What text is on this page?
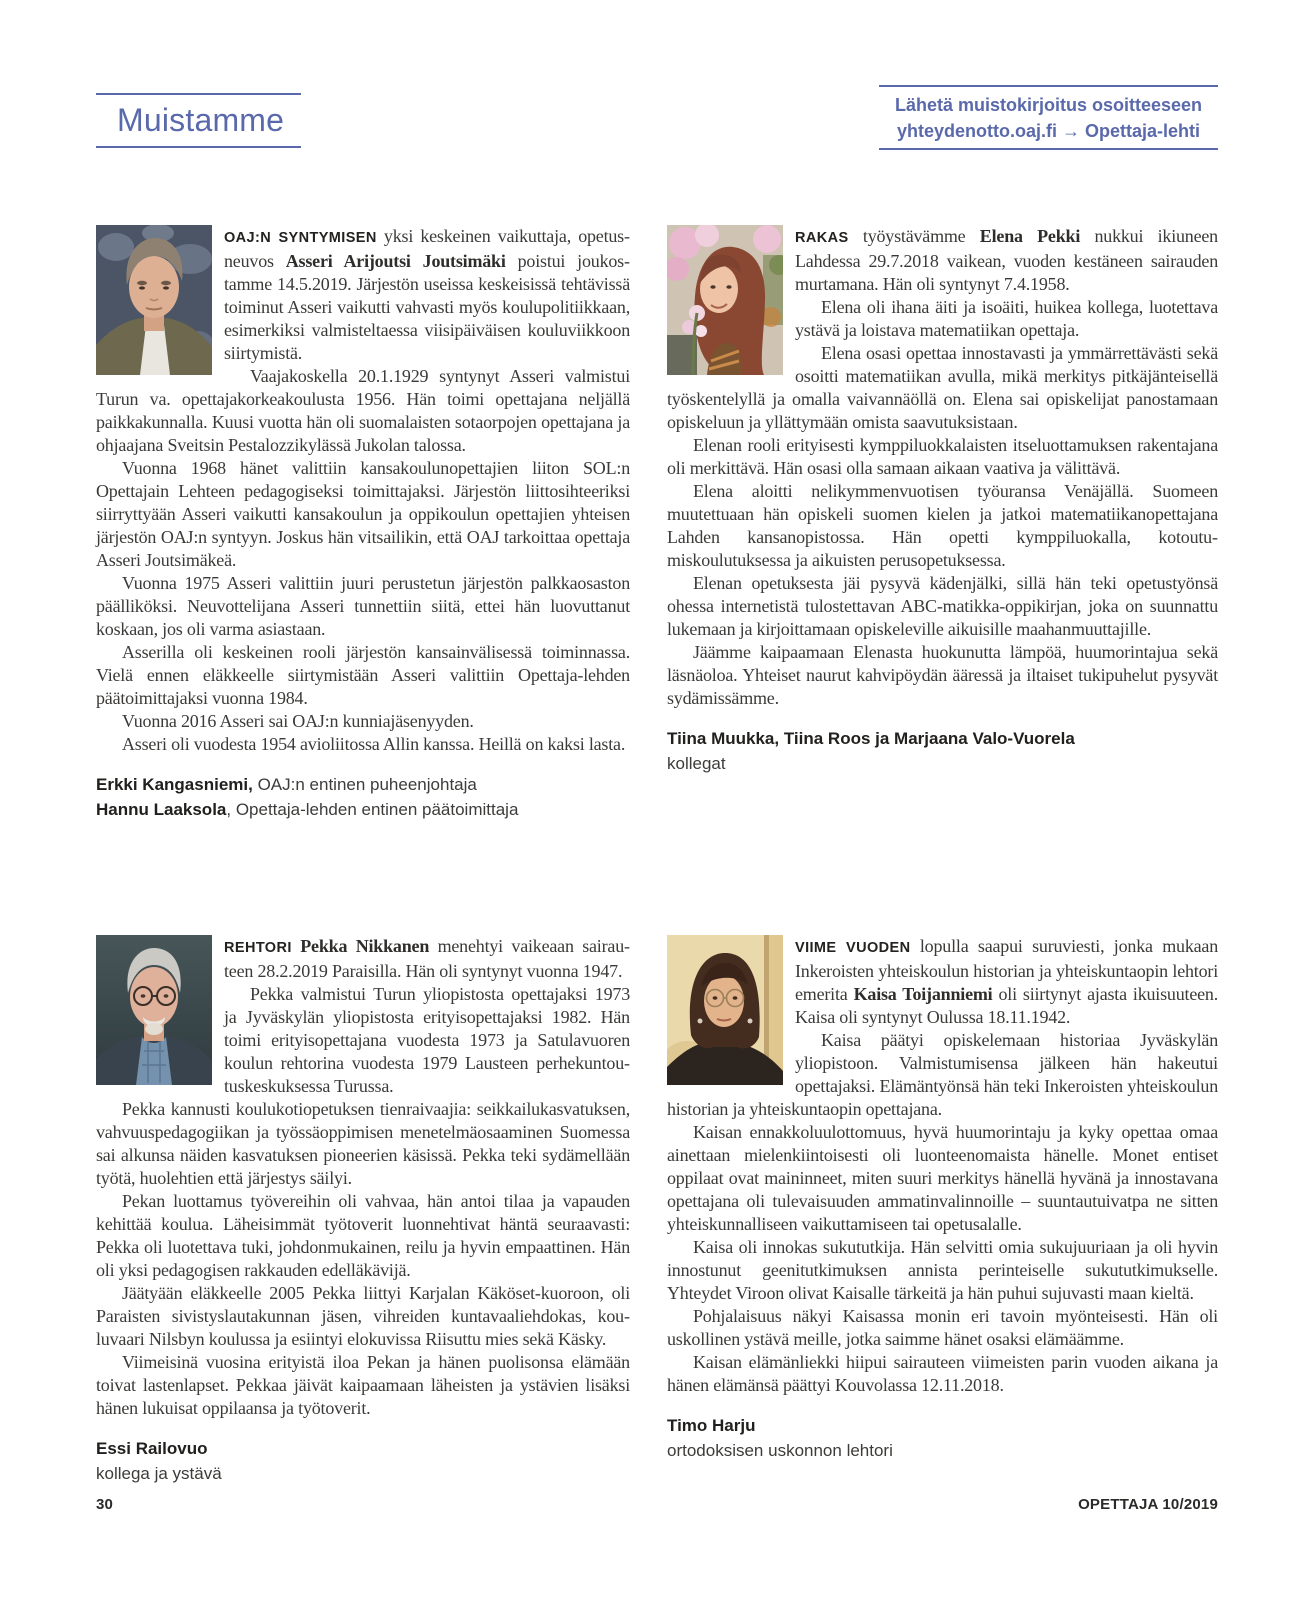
Muistamme	Lähetä muistokirjoitus osoitteeseen
yhteydenotto.oaj.fi → Opettaja-lehti

OAJ:N SYNTYMISEN yksi keskeinen vaikuttaja, opetusneuvos Asseri Arijoutsi Joutsimäki poistui joukostamme 14.5.2019. Järjestön useissa keskeisissä tehtävissä toiminut Asseri vaikutti vahvasti myös koulupolitiikkaan, esimerkiksi valmisteltaessa viisipäiväisen kouluviikkoon siirtymistä.

Vaajakoskella 20.1.1929 syntynyt Asseri valmistui Turun va. opettajakorkeakoulusta 1956. Hän toimi opettajana neljällä paikkakunnalla. Kuusi vuotta hän oli suomalaisten sotaorpojen opettajana ja ohjaajana Sveitsin Pestalozzikylässä Jukolan talossa.

Vuonna 1968 hänet valittiin kansakoulunopettajien liiton SOL:n Opettajain Lehteen pedagogiseksi toimittajaksi. Järjestön liittosihteeriksi siirryttyään Asseri vaikutti kansakoulun ja oppikoulun opettajien yhteisen järjestön OAJ:n syntyyn. Joskus hän vitsailikin, että OAJ tarkoittaa opettaja Asseri Joutsimäkeä.

Vuonna 1975 Asseri valittiin juuri perustetun järjestön palkkaosaston päälliköksi. Neuvottelijana Asseri tunnettiin siitä, ettei hän luovuttanut koskaan, jos oli varma asiastaan.

Asserilla oli keskeinen rooli järjestön kansainvälisessä toiminnassa. Vielä ennen eläkkeelle siirtymistään Asseri valittiin Opettaja-lehden päätoimittajaksi vuonna 1984.

Vuonna 2016 Asseri sai OAJ:n kunniajäsenyyden.

Asseri oli vuodesta 1954 avioliitossa Allin kanssa. Heillä on kaksi lasta.

Erkki Kangasniemi, OAJ:n entinen puheenjohtaja
Hannu Laaksola, Opettaja-lehden entinen päätoimittaja

RAKAS työystävämme Elena Pekki nukkui ikiuneen Lahdessa 29.7.2018 vaikean, vuoden kestäneen sairauden murtamana. Hän oli syntynyt 7.4.1958.

Elena oli ihana äiti ja isoäiti, huikea kollega, luotettava ystävä ja loistava matematiikan opettaja.

Elena osasi opettaa innostavasti ja ymmärrettävästi sekä osoitti matematiikan avulla, mikä merkitys pitkäjänteisellä työskentelyllä ja omalla vaivannäöllä on. Elena sai opiskelijat panostamaan opiskeluun ja yllättymään omista saavutuksistaan.

Elenan rooli erityisesti kymppiluokkalaisten itseluottamuksen rakentajana oli merkittävä. Hän osasi olla samaan aikaan vaativa ja välittävä.

Elena aloitti nelikymmenvuotisen työuransa Venäjällä. Suomeen muutettuaan hän opiskeli suomen kielen ja jatkoi matematiikanopettajana Lahden kansanopistossa. Hän opetti kymppiluokalla, kotoutumiskoulutuksessa ja aikuisten perusopetuksessa.

Elenan opetuksesta jäi pysyvä kädenjälki, sillä hän teki opetustyönsä ohessa internetistä tulostettavan ABC-matikka-oppikirjan, joka on suunnattu lukemaan ja kirjoittamaan opiskeleville aikuisille maahanmuuttajille.

Jäämme kaipaamaan Elenasta huokunutta lämpöä, huumorintajua sekä läsnäoloa. Yhteiset naurut kahvipöydän ääressä ja iltaiset tukipuhelut pysyvät sydämissämme.

Tiina Muukka, Tiina Roos ja Marjaana Valo-Vuorela
kollegat

REHTORI Pekka Nikkanen menehtyi vaikeaan sairauteen 28.2.2019 Paraisilla. Hän oli syntynyt vuonna 1947.

Pekka valmistui Turun yliopistosta opettajaksi 1973 ja Jyväskylän yliopistosta erityisopettajaksi 1982. Hän toimi erityisopettajana vuodesta 1973 ja Satulavuoren koulun rehtorina vuodesta 1979 Lausteen perhekuntoutuskeskuksessa Turussa.

Pekka kannusti koulukotiopetuksen tienraivaajia: seikkailukasvatuksen, vahvuuspedagogiikan ja työssäoppimisen menetelmäosaaminen Suomessa sai alkunsa näiden kasvatuksen pioneerien käsissä. Pekka teki sydämellään työtä, huolehtien että järjestys säilyi.

Pekan luottamus työvereihin oli vahvaa, hän antoi tilaa ja vapauden kehittää koulua. Läheisimmät työtoverit luonnehtivat häntä seuraavasti: Pekka oli luotettava tuki, johdonmukainen, reilu ja hyvin empaattinen. Hän oli yksi pedagogisen rakkauden edelläkävijä.

Jäätyään eläkkeelle 2005 Pekka liittyi Karjalan Käköset-kuoroon, oli Paraisten sivistyslautakunnan jäsen, vihreiden kuntavaaliehdokas, kouluvaari Nilsbyn koulussa ja esiintyi elokuvissa Riisuttu mies sekä Käsky.

Viimeisinä vuosina erityistä iloa Pekan ja hänen puolisonsa elämään toivat lastenlapset. Pekkaa jäivät kaipaamaan läheisten ja ystävien lisäksi hänen lukuisat oppilaansa ja työtoverit.

Essi Railovuo
kollega ja ystävä

VIIME VUODEN lopulla saapui suruviesti, jonka mukaan Inkeroisten yhteiskoulun historian ja yhteiskuntaopin lehtori emerita Kaisa Toijanniemi oli siirtynyt ajasta ikuisuuteen. Kaisa oli syntynyt Oulussa 18.11.1942.

Kaisa päätyi opiskelemaan historiaa Jyväskylän yliopistoon. Valmistumisensa jälkeen hän hakeutui opettajaksi. Elämäntyönsä hän teki Inkeroisten yhteiskoulun historian ja yhteiskuntaopin opettajana.

Kaisan ennakkoluulottomuus, hyvä huumorintaju ja kyky opettaa omaa ainettaan mielenkiintoisesti oli luonteenomaista hänelle. Monet entiset oppilaat ovat maininneet, miten suuri merkitys hänellä hyvänä ja innostavana opettajana oli tulevaisuuden ammatinvalinnoille – suuntautuivatpa ne sitten yhteiskunnalliseen vaikuttamiseen tai opetusalalle.

Kaisa oli innokas sukututkija. Hän selvitti omia sukujuuriaan ja oli hyvin innostunut geenitutkimuksen annista perinteiselle sukututkimukselle. Yhteydet Viroon olivat Kaisalle tärkeitä ja hän puhui sujuvasti maan kieltä.

Pohjalaisuus näkyi Kaisassa monin eri tavoin myönteisesti. Hän oli uskollinen ystävä meille, jotka saimme hänet osaksi elämäämme.

Kaisan elämänliekki hiipui sairauteen viimeisten parin vuoden aikana ja hänen elämänsä päättyi Kouvolassa 12.11.2018.

Timo Harju
ortodoksisen uskonnon lehtori
30	OPETTAJA 10/2019
